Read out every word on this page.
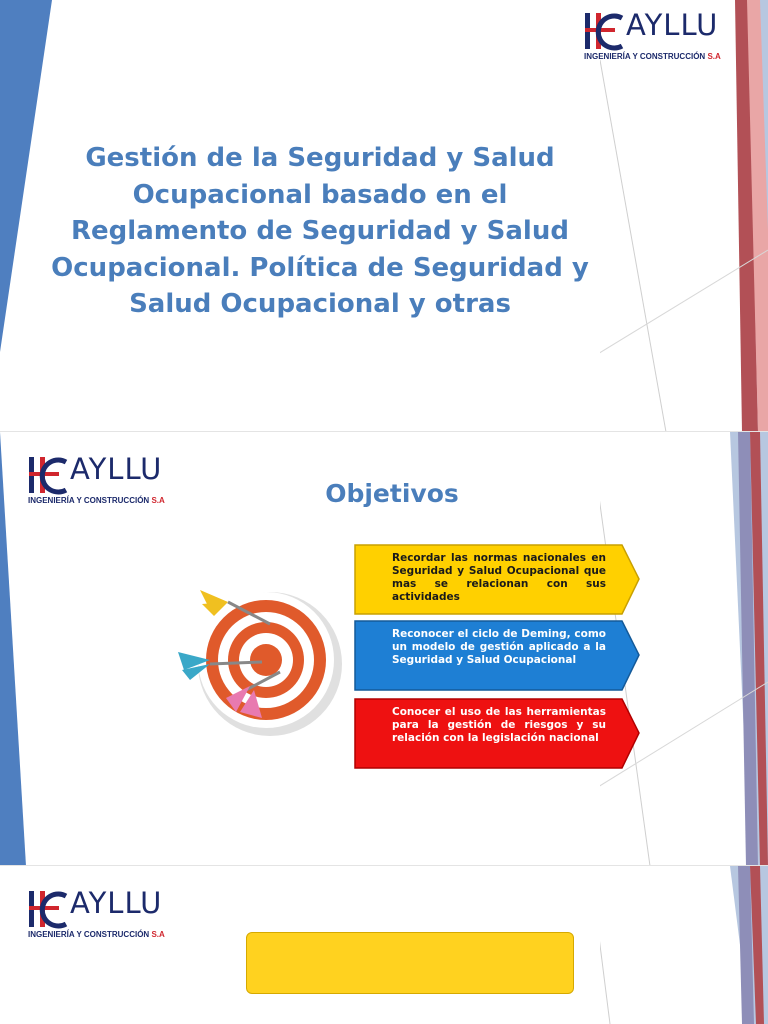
AYLLU
INGENIERÍA Y CONSTRUCCIÓN S.A
Gestión de la Seguridad y Salud Ocupacional basado en el Reglamento de Seguridad y Salud Ocupacional. Política de Seguridad y Salud Ocupacional y otras
AYLLU
INGENIERÍA Y CONSTRUCCIÓN S.A	Objetivos
Recordar las normas nacionales en Seguridad y Salud Ocupacional que mas se relacionan con sus actividades
Reconocer el ciclo de Deming, como un modelo de gestión aplicado a la Seguridad y Salud Ocupacional
Conocer el uso de las herramientas para la gestión de riesgos y su relación con la legislación nacional
AYLLU
INGENIERÍA Y CONSTRUCCIÓN S.A
